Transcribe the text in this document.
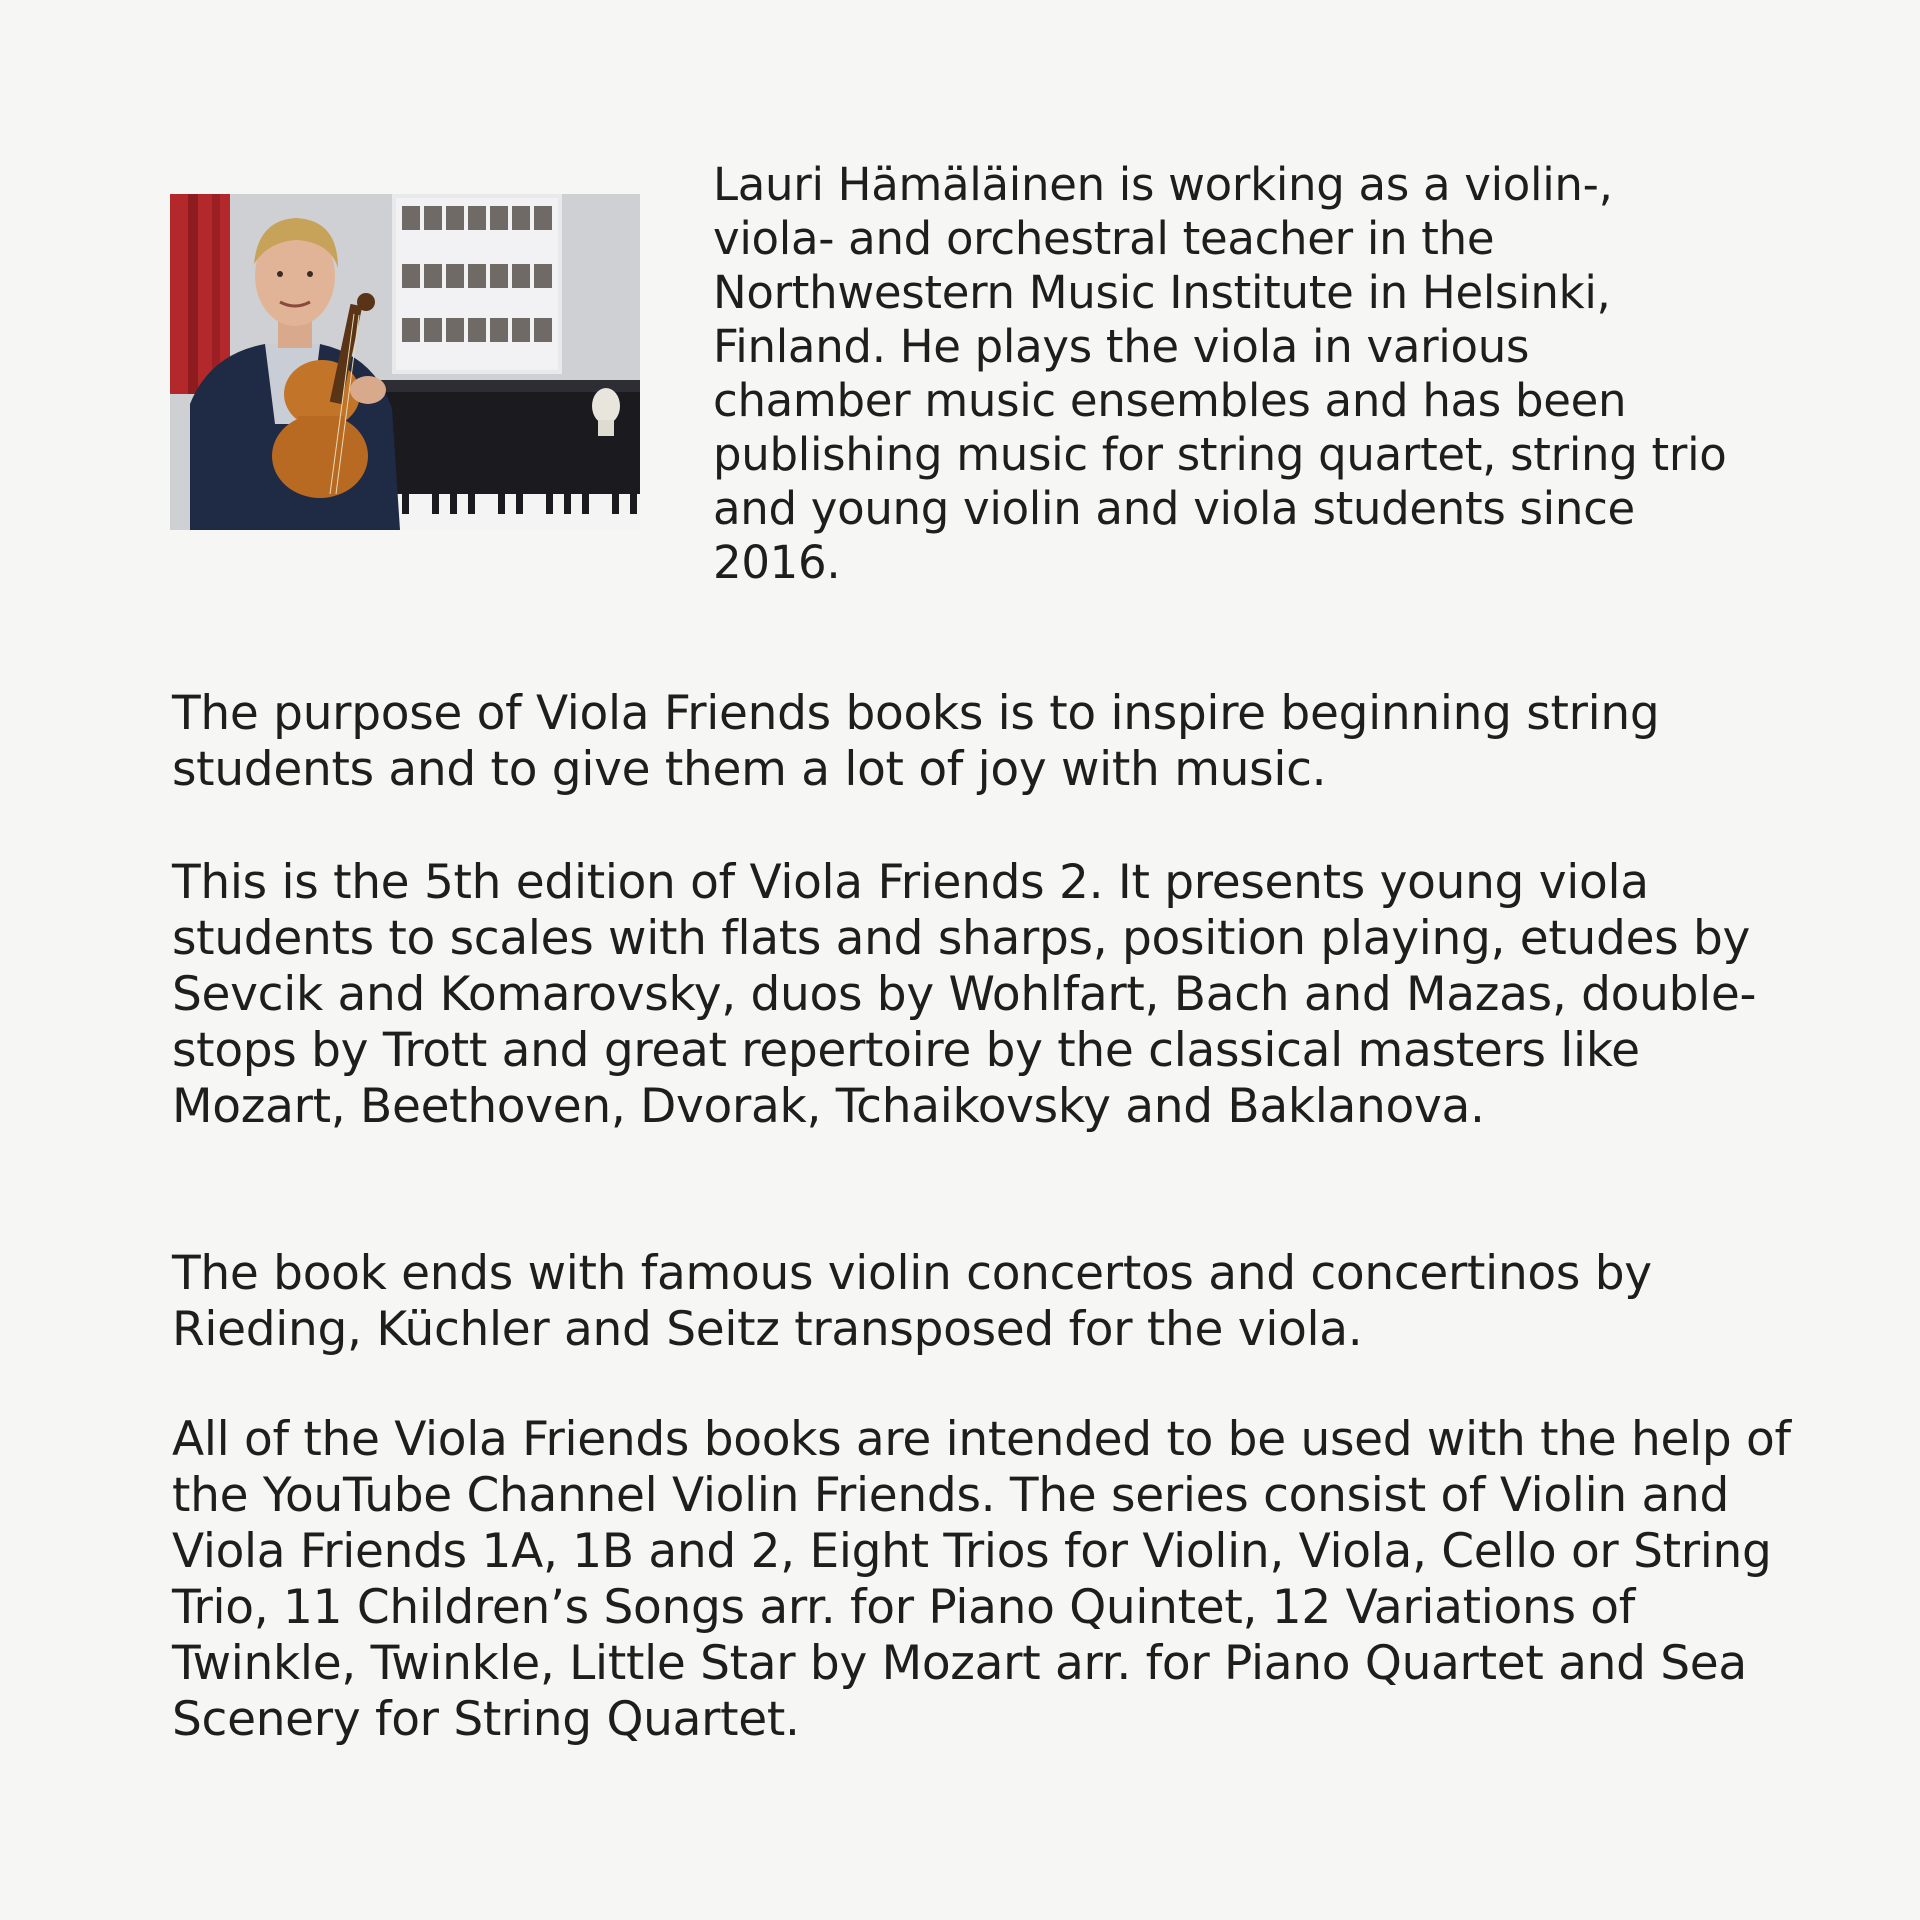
Lauri Hämäläinen is working as a violin-, viola- and orchestral teacher in the Northwestern Music Institute in Helsinki, Finland. He plays the viola in various chamber music ensembles and has been publishing music for string quartet, string trio and young violin and viola students since 2016.

The purpose of Viola Friends books is to inspire beginning string students and to give them a lot of joy with music.

This is the 5th edition of Viola Friends 2. It presents young viola students to scales with flats and sharps, position playing, etudes by Sevcik and Komarovsky, duos by Wohlfart, Bach and Mazas, double-stops by Trott and great repertoire by the classical masters like Mozart, Beethoven, Dvorak, Tchaikovsky and Baklanova.

The book ends with famous violin concertos and concertinos by Rieding, Küchler and Seitz transposed for the viola.

All of the Viola Friends books are intended to be used with the help of the YouTube Channel Violin Friends. The series consist of Violin and Viola Friends 1A, 1B and 2, Eight Trios for Violin, Viola, Cello or String Trio, 11 Children’s Songs arr. for Piano Quintet, 12 Variations of Twinkle, Twinkle, Little Star by Mozart arr. for Piano Quartet and Sea Scenery for String Quartet.
